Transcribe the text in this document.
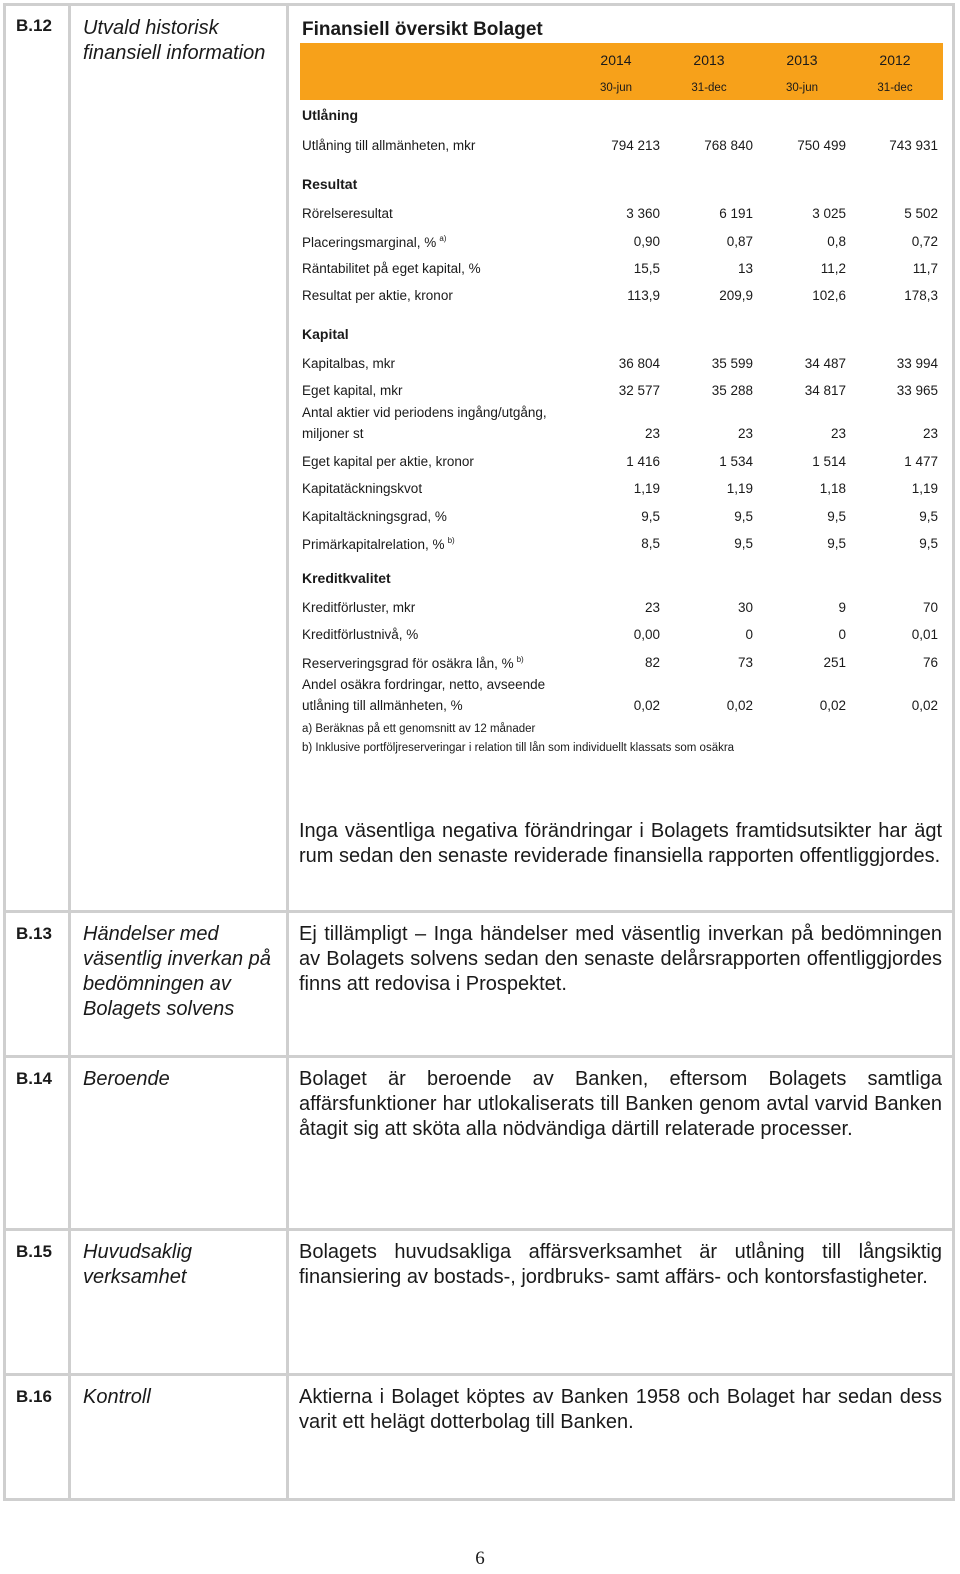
B.12 Utvald historisk finansiell information
Finansiell översikt Bolaget
2014	2013	2013	2012
30-jun	31-dec	30-jun	31-dec
Utlåning
Utlåning till allmänheten, mkr	794 213	768 840	750 499	743 931
Resultat
Rörelseresultat	3 360	6 191	3 025	5 502
Placeringsmarginal, % $^{a)}$	0,90	0,87	0,8	0,72
Räntabilitet på eget kapital, %	15,5	13	11,2	11,7
Resultat per aktie, kronor	113,9	209,9	102,6	178,3
Kapital
Kapitalbas, mkr	36 804	35 599	34 487	33 994
Eget kapital, mkr	32 577	35 288	34 817	33 965
Antal aktier vid periodens ingång/utgång,
miljoner st	23	23	23	23
Eget kapital per aktie, kronor	1 416	1 534	1 514	1 477
Kapitatäckningskvot	1,19	1,19	1,18	1,19
Kapitaltäckningsgrad, %	9,5	9,5	9,5	9,5
Primärkapitalrelation, % $^{b)}$	8,5	9,5	9,5	9,5
Kreditkvalitet
Kreditförluster, mkr	23	30	9	70
Kreditförlustnivå, %	0,00	0	0	0,01
Reserveringsgrad för osäkra lån, % $^{b)}$	82	73	251	76
Andel osäkra fordringar, netto, avseende
utlåning till allmänheten, %	0,02	0,02	0,02	0,02
a) Beräknas på ett genomsnitt av 12 månader
b) Inklusive portföljreserveringar i relation till lån som individuellt klassats som osäkra
Inga väsentliga negativa förändringar i Bolagets framtidsutsikter har ägt rum sedan den senaste reviderade finansiella rapporten offentliggjordes.
B.13 Händelser med väsentlig inverkan på bedömningen av Bolagets solvens
Ej tillämpligt – Inga händelser med väsentlig inverkan på bedömningen av Bolagets solvens sedan den senaste delårsrapporten offentliggjordes finns att redovisa i Prospektet.
B.14 Beroende	Bolaget är beroende av Banken, eftersom Bolagets samtliga affärsfunktioner har utlokaliserats till Banken genom avtal varvid Banken åtagit sig att sköta alla nödvändiga därtill relaterade processer.
B.15 Huvudsaklig verksamhet
Bolagets huvudsakliga affärsverksamhet är utlåning till långsiktig finansiering av bostads-, jordbruks- samt affärs- och kontorsfastigheter.
B.16 Kontroll	Aktierna i Bolaget köptes av Banken 1958 och Bolaget har sedan dess varit ett helägt dotterbolag till Banken.
6
